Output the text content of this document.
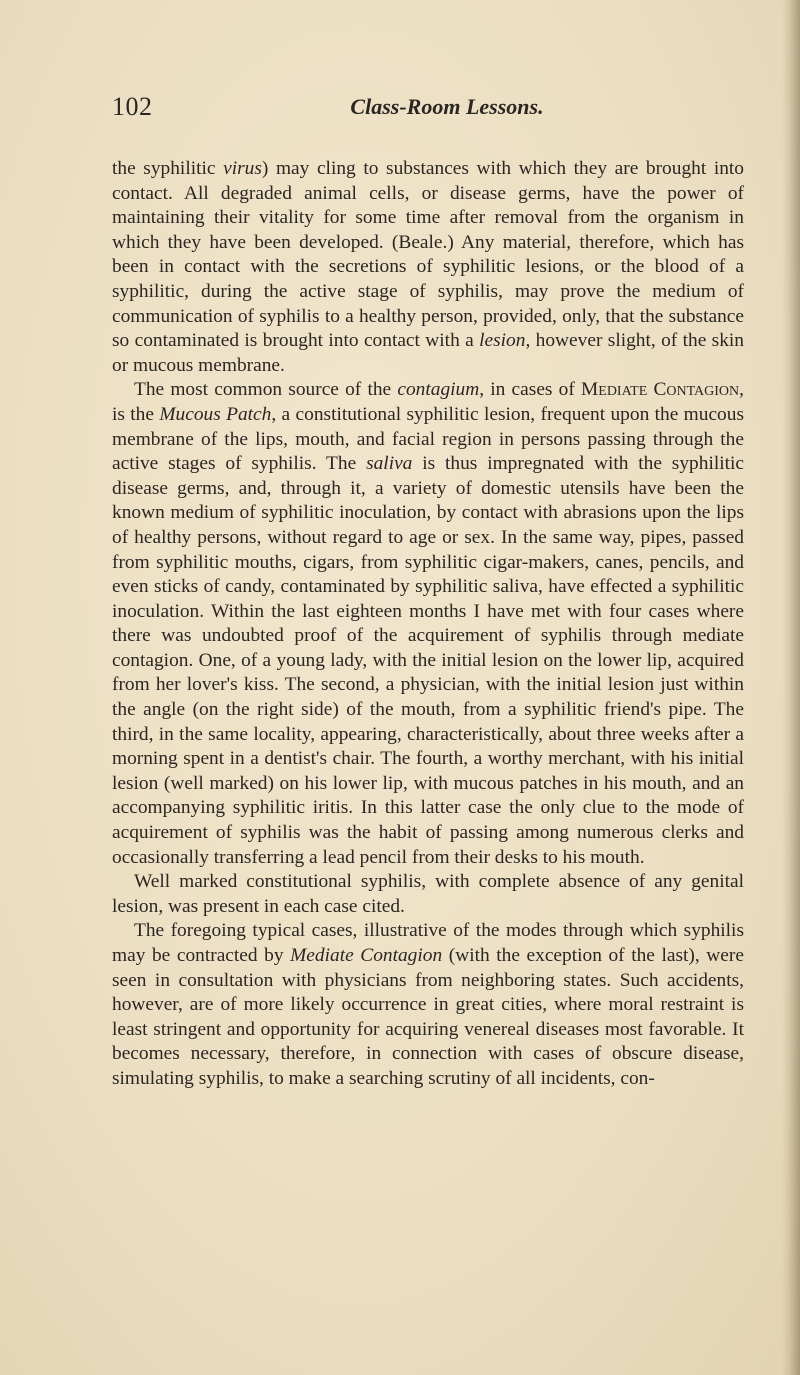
102	Class-Room Lessons.

the syphilitic virus) may cling to substances with which they are brought into contact. All degraded animal cells, or disease germs, have the power of maintaining their vitality for some time after removal from the organism in which they have been developed. (Beale.) Any material, therefore, which has been in contact with the secretions of syphilitic lesions, or the blood of a syphilitic, during the active stage of syphilis, may prove the medium of communication of syphilis to a healthy person, provided, only, that the substance so contaminated is brought into contact with a lesion, however slight, of the skin or mucous membrane.

The most common source of the contagium, in cases of Mediate Contagion, is the Mucous Patch, a constitutional syphilitic lesion, frequent upon the mucous membrane of the lips, mouth, and facial region in persons passing through the active stages of syphilis. The saliva is thus impregnated with the syphilitic disease germs, and, through it, a variety of domestic utensils have been the known medium of syphilitic inoculation, by contact with abrasions upon the lips of healthy persons, without regard to age or sex. In the same way, pipes, passed from syphilitic mouths, cigars, from syphilitic cigar-makers, canes, pencils, and even sticks of candy, contaminated by syphilitic saliva, have effected a syphilitic inoculation. Within the last eighteen months I have met with four cases where there was undoubted proof of the acquirement of syphilis through mediate contagion. One, of a young lady, with the initial lesion on the lower lip, acquired from her lover's kiss. The second, a physician, with the initial lesion just within the angle (on the right side) of the mouth, from a syphilitic friend's pipe. The third, in the same locality, appearing, characteristically, about three weeks after a morning spent in a dentist's chair. The fourth, a worthy merchant, with his initial lesion (well marked) on his lower lip, with mucous patches in his mouth, and an accompanying syphilitic iritis. In this latter case the only clue to the mode of acquirement of syphilis was the habit of passing among numerous clerks and occasionally transferring a lead pencil from their desks to his mouth.

Well marked constitutional syphilis, with complete absence of any genital lesion, was present in each case cited.

The foregoing typical cases, illustrative of the modes through which syphilis may be contracted by Mediate Contagion (with the exception of the last), were seen in consultation with physicians from neighboring states. Such accidents, however, are of more likely occurrence in great cities, where moral restraint is least stringent and opportunity for acquiring venereal diseases most favorable. It becomes necessary, therefore, in connection with cases of obscure disease, simulating syphilis, to make a searching scrutiny of all incidents, con-
